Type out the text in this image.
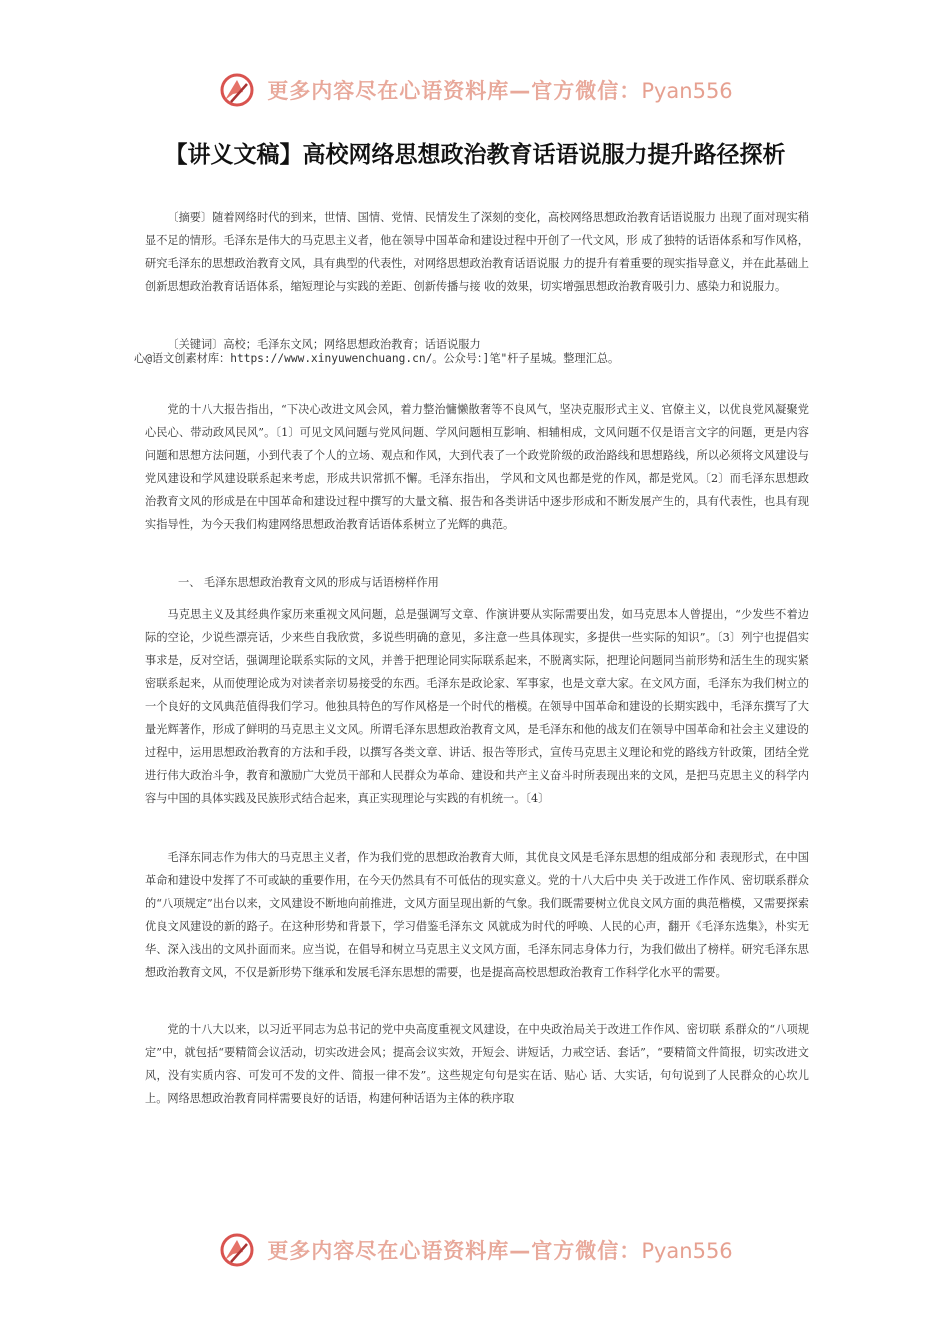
更多内容尽在心语资料库—官方微信：Pyan556
【讲义文稿】高校网络思想政治教育话语说服力提升路径探析

〔摘要〕随着网络时代的到来，世情、国情、党情、民情发生了深刻的变化，高校网络思想政治教育话语说服力 出现了面对现实稍显不足的情形。毛泽东是伟大的马克思主义者，他在领导中国革命和建设过程中开创了一代文风，形 成了独特的话语体系和写作风格，研究毛泽东的思想政治教育文风，具有典型的代表性，对网络思想政治教育话语说服 力的提升有着重要的现实指导意义，并在此基础上创新思想政治教育话语体系，缩短理论与实践的差距、创新传播与接 收的效果，切实增强思想政治教育吸引力、感染力和说服力。

〔关键词〕高校；毛泽东文风；网络思想政治教育；话语说服力

心@语文创素材库：https://www.xinyuwenchuang.cn/。公众号：]笔"杆子星城。整理汇总。

党的十八大报告指出，“下决心改进文风会风，着力整治慵懒散奢等不良风气，坚决克服形式主义、官僚主义，以优良党风凝聚党心民心、带动政风民风”。〔1〕可见文风问题与党风问题、学风问题相互影响、相辅相成，文风问题不仅是语言文字的问题，更是内容问题和思想方法问题，小到代表了个人的立场、观点和作风，大到代表了一个政党阶级的政治路线和思想路线，所以必须将文风建设与党风建设和学风建设联系起来考虑，形成共识常抓不懈。毛泽东指出， 学风和文风也都是党的作风，都是党风。〔2〕而毛泽东思想政治教育文风的形成是在中国革命和建设过程中撰写的大量文稿、报告和各类讲话中逐步形成和不断发展产生的，具有代表性，也具有现实指导性，为今天我们构建网络思想政治教育话语体系树立了光辉的典范。

一、 毛泽东思想政治教育文风的形成与话语榜样作用

马克思主义及其经典作家历来重视文风问题，总是强调写文章、作演讲要从实际需要出发，如马克思本人曾提出，“少发些不着边际的空论，少说些漂亮话，少来些自我欣赏，多说些明确的意见，多注意一些具体现实，多提供一些实际的知识”。〔3〕列宁也提倡实事求是，反对空话，强调理论联系实际的文风，并善于把理论同实际联系起来，不脱离实际，把理论问题同当前形势和活生生的现实紧密联系起来，从而使理论成为对读者亲切易接受的东西。毛泽东是政论家、军事家，也是文章大家。在文风方面，毛泽东为我们树立的一个良好的文风典范值得我们学习。他独具特色的写作风格是一个时代的楷模。在领导中国革命和建设的长期实践中，毛泽东撰写了大量光辉著作，形成了鲜明的马克思主义文风。所谓毛泽东思想政治教育文风，是毛泽东和他的战友们在领导中国革命和社会主义建设的过程中，运用思想政治教育的方法和手段，以撰写各类文章、讲话、报告等形式，宣传马克思主义理论和党的路线方针政策，团结全党进行伟大政治斗争，教育和激励广大党员干部和人民群众为革命、建设和共产主义奋斗时所表现出来的文风，是把马克思主义的科学内容与中国的具体实践及民族形式结合起来，真正实现理论与实践的有机统一。〔4〕

毛泽东同志作为伟大的马克思主义者，作为我们党的思想政治教育大师，其优良文风是毛泽东思想的组成部分和 表现形式，在中国革命和建设中发挥了不可或缺的重要作用，在今天仍然具有不可低估的现实意义。党的十八大后中央 关于改进工作作风、密切联系群众的“八项规定”出台以来，文风建设不断地向前推进，文风方面呈现出新的气象。我们既需要树立优良文风方面的典范楷模，又需要探索优良文风建设的新的路子。在这种形势和背景下，学习借鉴毛泽东文 风就成为时代的呼唤、人民的心声，翻开《毛泽东选集》，朴实无华、深入浅出的文风扑面而来。应当说，在倡导和树立马克思主义文风方面，毛泽东同志身体力行，为我们做出了榜样。研究毛泽东思想政治教育文风，不仅是新形势下继承和发展毛泽东思想的需要，也是提高高校思想政治教育工作科学化水平的需要。

党的十八大以来，以习近平同志为总书记的党中央高度重视文风建设，在中央政治局关于改进工作作风、密切联 系群众的“八项规定”中，就包括“要精简会议活动，切实改进会风；提高会议实效，开短会、讲短话，力戒空话、套话”，“要精简文件简报，切实改进文风，没有实质内容、可发可不发的文件、简报一律不发”。这些规定句句是实在话、贴心 话、大实话，句句说到了人民群众的心坎儿上。网络思想政治教育同样需要良好的话语，构建何种话语为主体的秩序取

更多内容尽在心语资料库—官方微信：Pyan556
